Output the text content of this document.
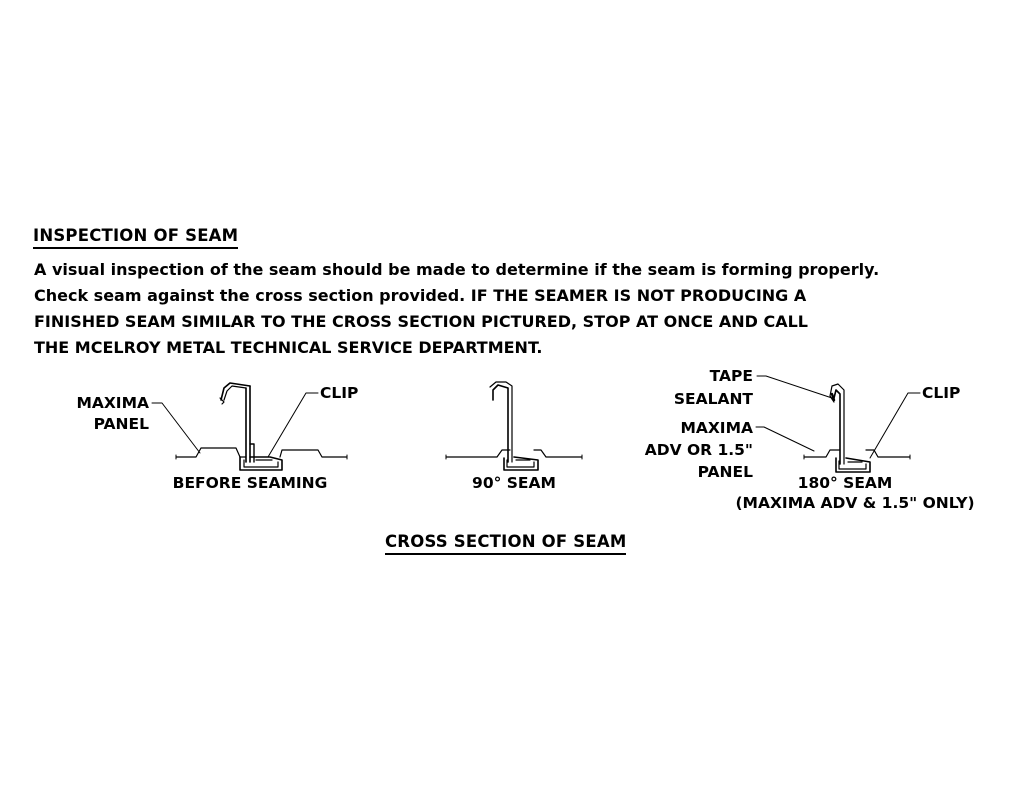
INSPECTION OF SEAM
A visual inspection of the seam should be made to determine if the seam is forming properly.
Check seam against the cross section provided. IF THE SEAMER IS NOT PRODUCING A
FINISHED SEAM SIMILAR TO THE CROSS SECTION PICTURED, STOP AT ONCE AND CALL
THE MCELROY METAL TECHNICAL SERVICE DEPARTMENT.
MAXIMA
PANEL
CLIP
BEFORE SEAMING	90° SEAM
TAPE
SEALANT
MAXIMA
ADV OR 1.5"
PANEL
CLIP
180° SEAM
(MAXIMA ADV & 1.5" ONLY)
CROSS SECTION OF SEAM
